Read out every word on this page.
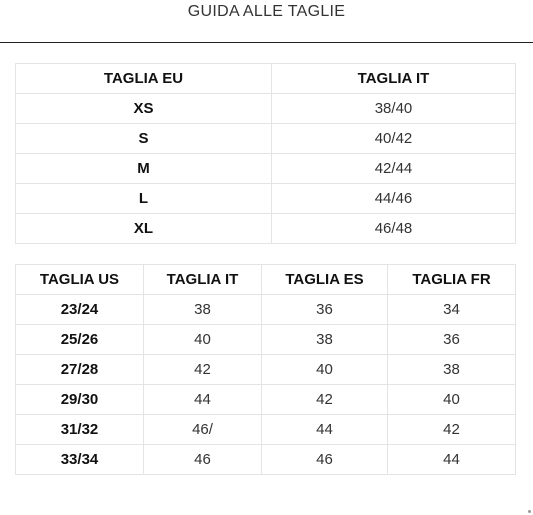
GUIDA ALLE TAGLIE
TAGLIA EU	TAGLIA IT
XS	38/40
S	40/42
M	42/44
L	44/46
XL	46/48
TAGLIA US	TAGLIA IT	TAGLIA ES	TAGLIA FR
23/24	38	36	34
25/26	40	38	36
27/28	42	40	38
29/30	44	42	40
31/32	46/	44	42
33/34	46	46	44
